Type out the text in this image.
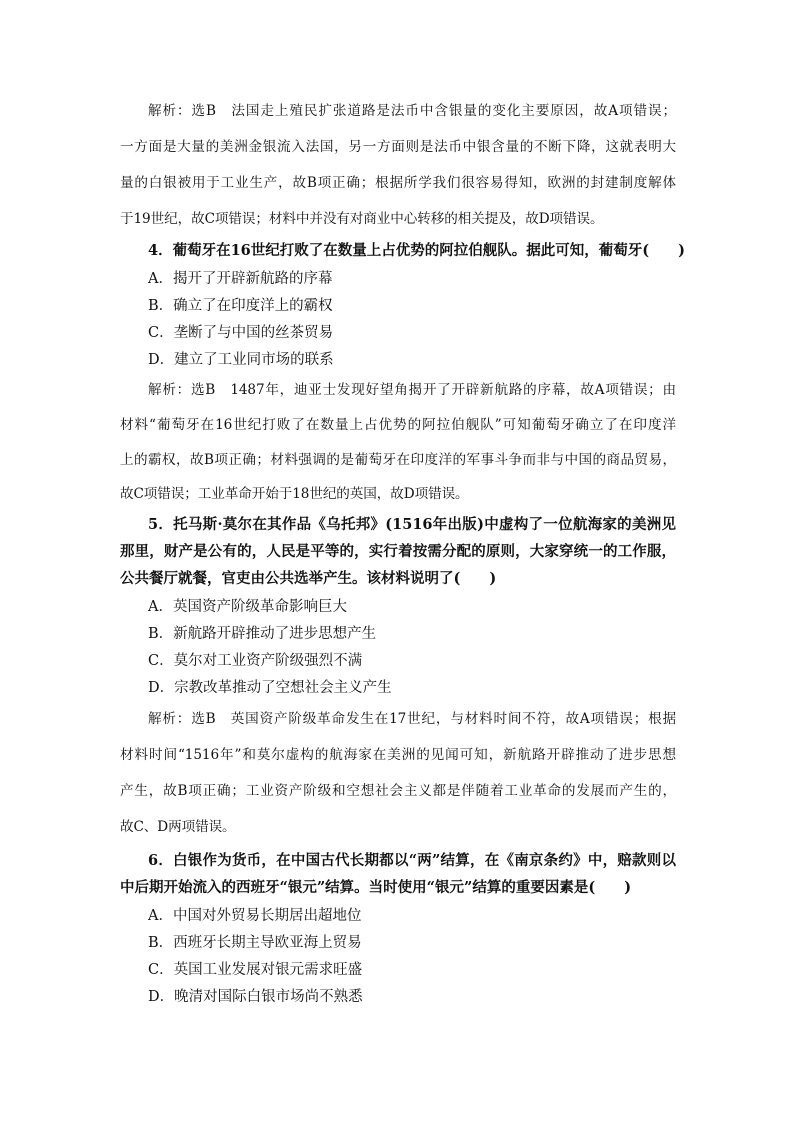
解析：选B　法国走上殖民扩张道路是法币中含银量的变化主要原因，故A项错误；
一方面是大量的美洲金银流入法国，另一方面则是法币中银含量的不断下降，这就表明大
量的白银被用于工业生产，故B项正确；根据所学我们很容易得知，欧洲的封建制度解体
于19世纪，故C项错误；材料中并没有对商业中心转移的相关提及，故D项错误。
4．葡萄牙在16世纪打败了在数量上占优势的阿拉伯舰队。据此可知，葡萄牙(　　)
A．揭开了开辟新航路的序幕
B．确立了在印度洋上的霸权
C．垄断了与中国的丝茶贸易
D．建立了工业同市场的联系
解析：选B　1487年，迪亚士发现好望角揭开了开辟新航路的序幕，故A项错误；由
材料“葡萄牙在16世纪打败了在数量上占优势的阿拉伯舰队”可知葡萄牙确立了在印度洋
上的霸权，故B项正确；材料强调的是葡萄牙在印度洋的军事斗争而非与中国的商品贸易，
故C项错误；工业革命开始于18世纪的英国，故D项错误。
5．托马斯·莫尔在其作品《乌托邦》(1516年出版)中虚构了一位航海家的美洲见
那里，财产是公有的，人民是平等的，实行着按需分配的原则，大家穿统一的工作服，
公共餐厅就餐，官吏由公共选举产生。该材料说明了(　　)
A．英国资产阶级革命影响巨大
B．新航路开辟推动了进步思想产生
C．莫尔对工业资产阶级强烈不满
D．宗教改革推动了空想社会主义产生
解析：选B　英国资产阶级革命发生在17世纪，与材料时间不符，故A项错误；根据
材料时间“1516年”和莫尔虚构的航海家在美洲的见闻可知，新航路开辟推动了进步思想
产生，故B项正确；工业资产阶级和空想社会主义都是伴随着工业革命的发展而产生的，
故C、D两项错误。
6．白银作为货币，在中国古代长期都以“两”结算，在《南京条约》中，赔款则以
中后期开始流入的西班牙“银元”结算。当时使用“银元”结算的重要因素是(　　)
A．中国对外贸易长期居出超地位
B．西班牙长期主导欧亚海上贸易
C．英国工业发展对银元需求旺盛
D．晚清对国际白银市场尚不熟悉
